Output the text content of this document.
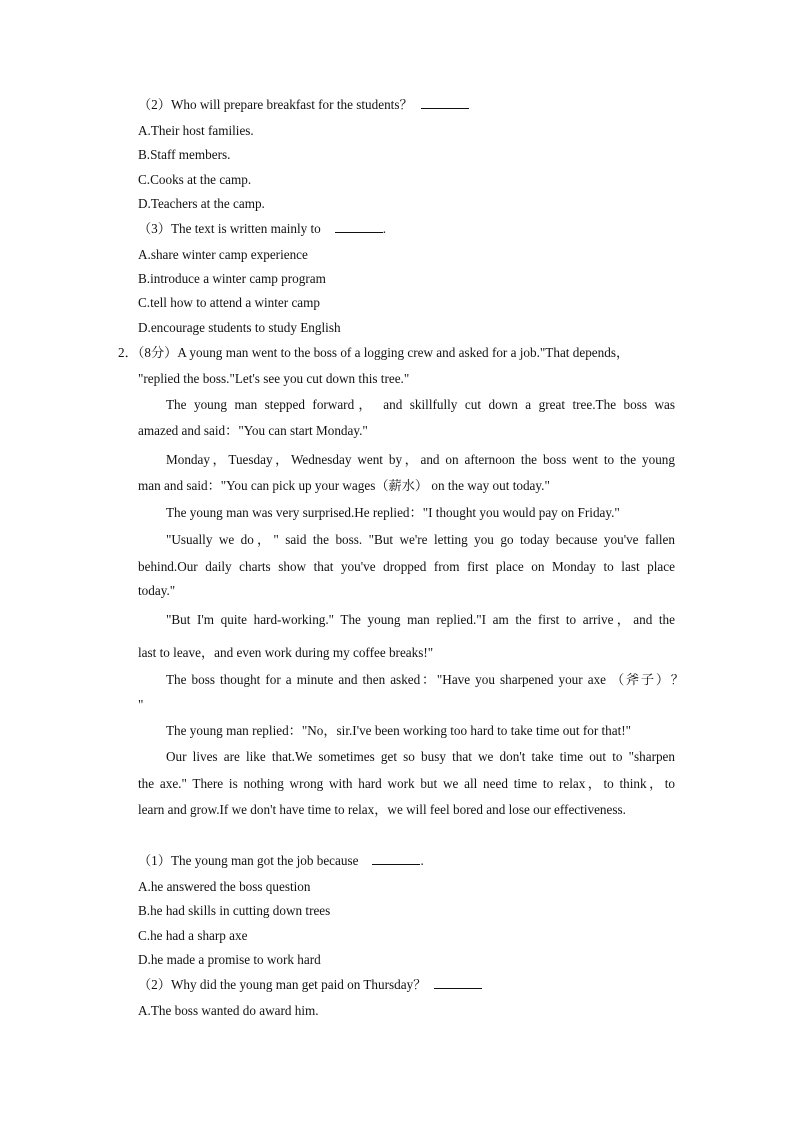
（2）Who will prepare breakfast for the students？
A.Their host families.
B.Staff members.
C.Cooks at the camp.
D.Teachers at the camp.
（3）The text is written mainly to	.
A.share winter camp experience
B.introduce a winter camp program
C.tell how to attend a winter camp
D.encourage students to study English
2．（8分）A young man went to the boss of a logging crew and asked for a job."That depends，
"replied the boss."Let's see you cut down this tree."
The young man stepped forward， and skillfully cut down a great tree.The boss was
amazed and said："You can start Monday."
Monday，Tuesday，Wednesday went by，and on afternoon the boss went to the young
man and said："You can pick up your wages（薪水） on the way out today."
The young man was very surprised.He replied："I thought you would pay on Friday."
"Usually we do，" said the boss. "But we're letting you go today because you've fallen
behind.Our daily charts show that you've dropped from first place on Monday to last place
today."
"But I'm quite hard-working." The young man replied."I am the first to arrive，and the
last to leave，and even work during my coffee breaks!"
The boss thought for a minute and then asked："Have you sharpened your axe （斧子）？
"
The young man replied："No，sir.I've been working too hard to take time out for that!"
Our lives are like that.We sometimes get so busy that we don't take time out to "sharpen
the axe." There is nothing wrong with hard work but we all need time to relax，to think，to
learn and grow.If we don't have time to relax，we will feel bored and lose our effectiveness.
（1）The young man got the job because	.
A.he answered the boss question
B.he had skills in cutting down trees
C.he had a sharp axe
D.he made a promise to work hard
（2）Why did the young man get paid on Thursday？
A.The boss wanted do award him.
